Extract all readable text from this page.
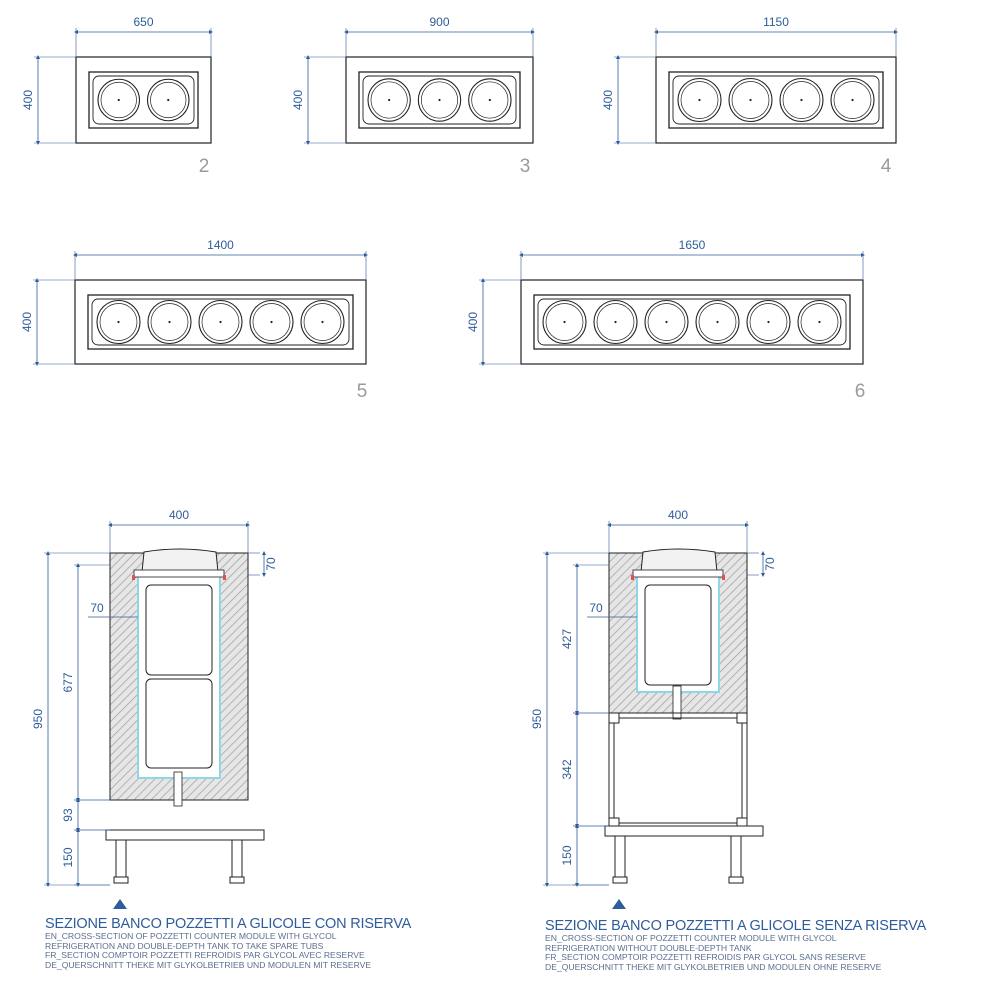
650
400
2
900
400
3
1150
400
4
1400
400
5
1650
400
6
400
70
70
950
677
93
150
400
70
70
950
427
342
150
SEZIONE BANCO POZZETTI A GLICOLE CON RISERVA
EN_CROSS-SECTION OF POZZETTI COUNTER MODULE WITH GLYCOL
REFRIGERATION AND DOUBLE-DEPTH TANK TO TAKE SPARE TUBS
FR_SECTION COMPTOIR POZZETTI REFROIDIS PAR GLYCOL AVEC RESERVE
DE_QUERSCHNITT THEKE MIT GLYKOLBETRIEB UND MODULEN MIT RESERVE
SEZIONE BANCO POZZETTI A GLICOLE SENZA RISERVA
EN_CROSS-SECTION OF POZZETTI COUNTER MODULE WITH GLYCOL
REFRIGERATION WITHOUT DOUBLE-DEPTH TANK
FR_SECTION COMPTOIR POZZETTI REFROIDIS PAR GLYCOL SANS RESERVE
DE_QUERSCHNITT THEKE MIT GLYKOLBETRIEB UND MODULEN OHNE RESERVE
